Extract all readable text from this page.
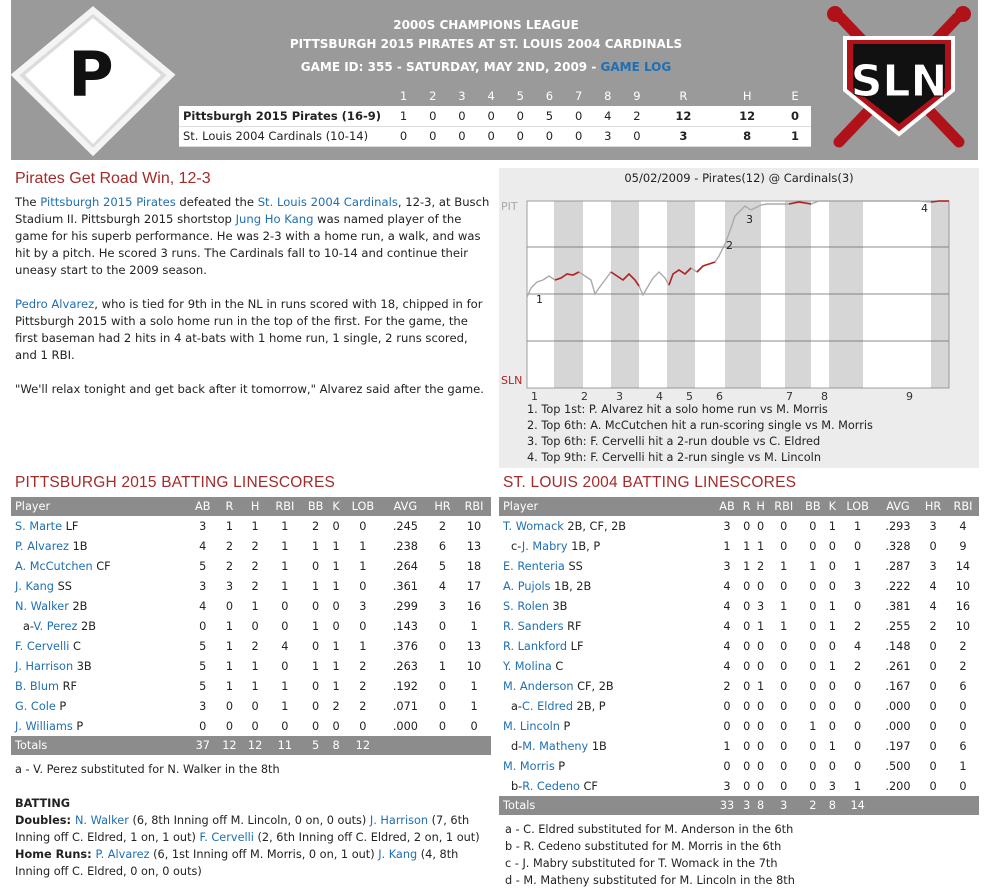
P
2000S CHAMPIONS LEAGUE
PITTSBURGH 2015 PIRATES AT ST. LOUIS 2004 CARDINALS
GAME ID: 355 - SATURDAY, MAY 2ND, 2009 - GAME LOG
	1	2	3	4	5	6	7	8	9	R	H	E
Pittsburgh 2015 Pirates (16-9)	1	0	0	0	0	5	0	4	2	12	12	0
St. Louis 2004 Cardinals (10-14)	0	0	0	0	0	0	0	3	0	3	8	1
SLN
Pirates Get Road Win, 12-3

The Pittsburgh 2015 Pirates defeated the St. Louis 2004 Cardinals, 12-3, at Busch Stadium II. Pittsburgh 2015 shortstop Jung Ho Kang was named player of the game for his superb performance. He was 2-3 with a home run, a walk, and was hit by a pitch. He scored 3 runs. The Cardinals fall to 10-14 and continue their uneasy start to the 2009 season.

Pedro Alvarez, who is tied for 9th in the NL in runs scored with 18, chipped in for Pittsburgh 2015 with a solo home run in the top of the first. For the game, the first baseman had 2 hits in 4 at-bats with 1 home run, 1 single, 2 runs scored, and 1 RBI.

"We'll relax tonight and get back after it tomorrow," Alvarez said after the game.

05/02/2009 - Pirates(12) @ Cardinals(3)
PIT
SLN
1	2	3	4 5 6	7	8	9
1
2
3
4
1. Top 1st: P. Alvarez hit a solo home run vs M. Morris
2. Top 6th: A. McCutchen hit a run-scoring single vs M. Morris
3. Top 6th: F. Cervelli hit a 2-run double vs C. Eldred
4. Top 9th: F. Cervelli hit a 2-run single vs M. Lincoln
PITTSBURGH 2015 BATTING LINESCORES
Player	AB	R	H	RBI	BB	K	LOB	AVG	HR	RBI
S. Marte LF	3	1	1	1	2	0	0	.245	2	10
P. Alvarez 1B	4	2	2	1	1	1	1	.238	6	13
A. McCutchen CF	5	2	2	1	0	1	1	.264	5	18
J. Kang SS	3	3	2	1	1	1	0	.361	4	17
N. Walker 2B	4	0	1	0	0	0	3	.299	3	16
a-V. Perez 2B	0	1	0	0	1	0	0	.143	0	1
F. Cervelli C	5	1	2	4	0	1	1	.376	0	13
J. Harrison 3B	5	1	1	0	1	1	2	.263	1	10
B. Blum RF	5	1	1	1	0	1	2	.192	0	1
G. Cole P	3	0	0	1	0	2	2	.071	0	1
J. Williams P	0	0	0	0	0	0	0	.000	0	0
Totals	37	12	12	11	5	8	12			
a - V. Perez substituted for N. Walker in the 8th
ST. LOUIS 2004 BATTING LINESCORES
Player	AB	R	H	RBI	BB	K	LOB	AVG	HR	RBI
T. Womack 2B, CF, 2B	3	0	0	0	0	1	1	.293	3	4
c-J. Mabry 1B, P	1	1	1	0	0	0	0	.328	0	9
E. Renteria SS	3	1	2	1	1	0	1	.287	3	14
A. Pujols 1B, 2B	4	0	0	0	0	0	3	.222	4	10
S. Rolen 3B	4	0	3	1	0	1	0	.381	4	16
R. Sanders RF	4	0	1	1	0	1	2	.255	2	10
R. Lankford LF	4	0	0	0	0	0	4	.148	0	2
Y. Molina C	4	0	0	0	0	1	2	.261	0	2
M. Anderson CF, 2B	2	0	1	0	0	0	0	.167	0	6
a-C. Eldred 2B, P	0	0	0	0	0	0	0	.000	0	0
M. Lincoln P	0	0	0	0	1	0	0	.000	0	0
d-M. Matheny 1B	1	0	0	0	0	1	0	.197	0	6
M. Morris P	0	0	0	0	0	0	0	.500	0	1
b-R. Cedeno CF	3	0	0	0	0	3	1	.200	0	0
Totals	33	3	8	3	2	8	14			
a - C. Eldred substituted for M. Anderson in the 6th
b - R. Cedeno substituted for M. Morris in the 6th
c - J. Mabry substituted for T. Womack in the 7th
d - M. Matheny substituted for M. Lincoln in the 8th
BATTING
Doubles: N. Walker (6, 8th Inning off M. Lincoln, 0 on, 0 outs) J. Harrison (7, 6th Inning off C. Eldred, 1 on, 1 out) F. Cervelli (2, 6th Inning off C. Eldred, 2 on, 1 out)
Home Runs: P. Alvarez (6, 1st Inning off M. Morris, 0 on, 1 out) J. Kang (4, 8th Inning off C. Eldred, 0 on, 0 outs)
